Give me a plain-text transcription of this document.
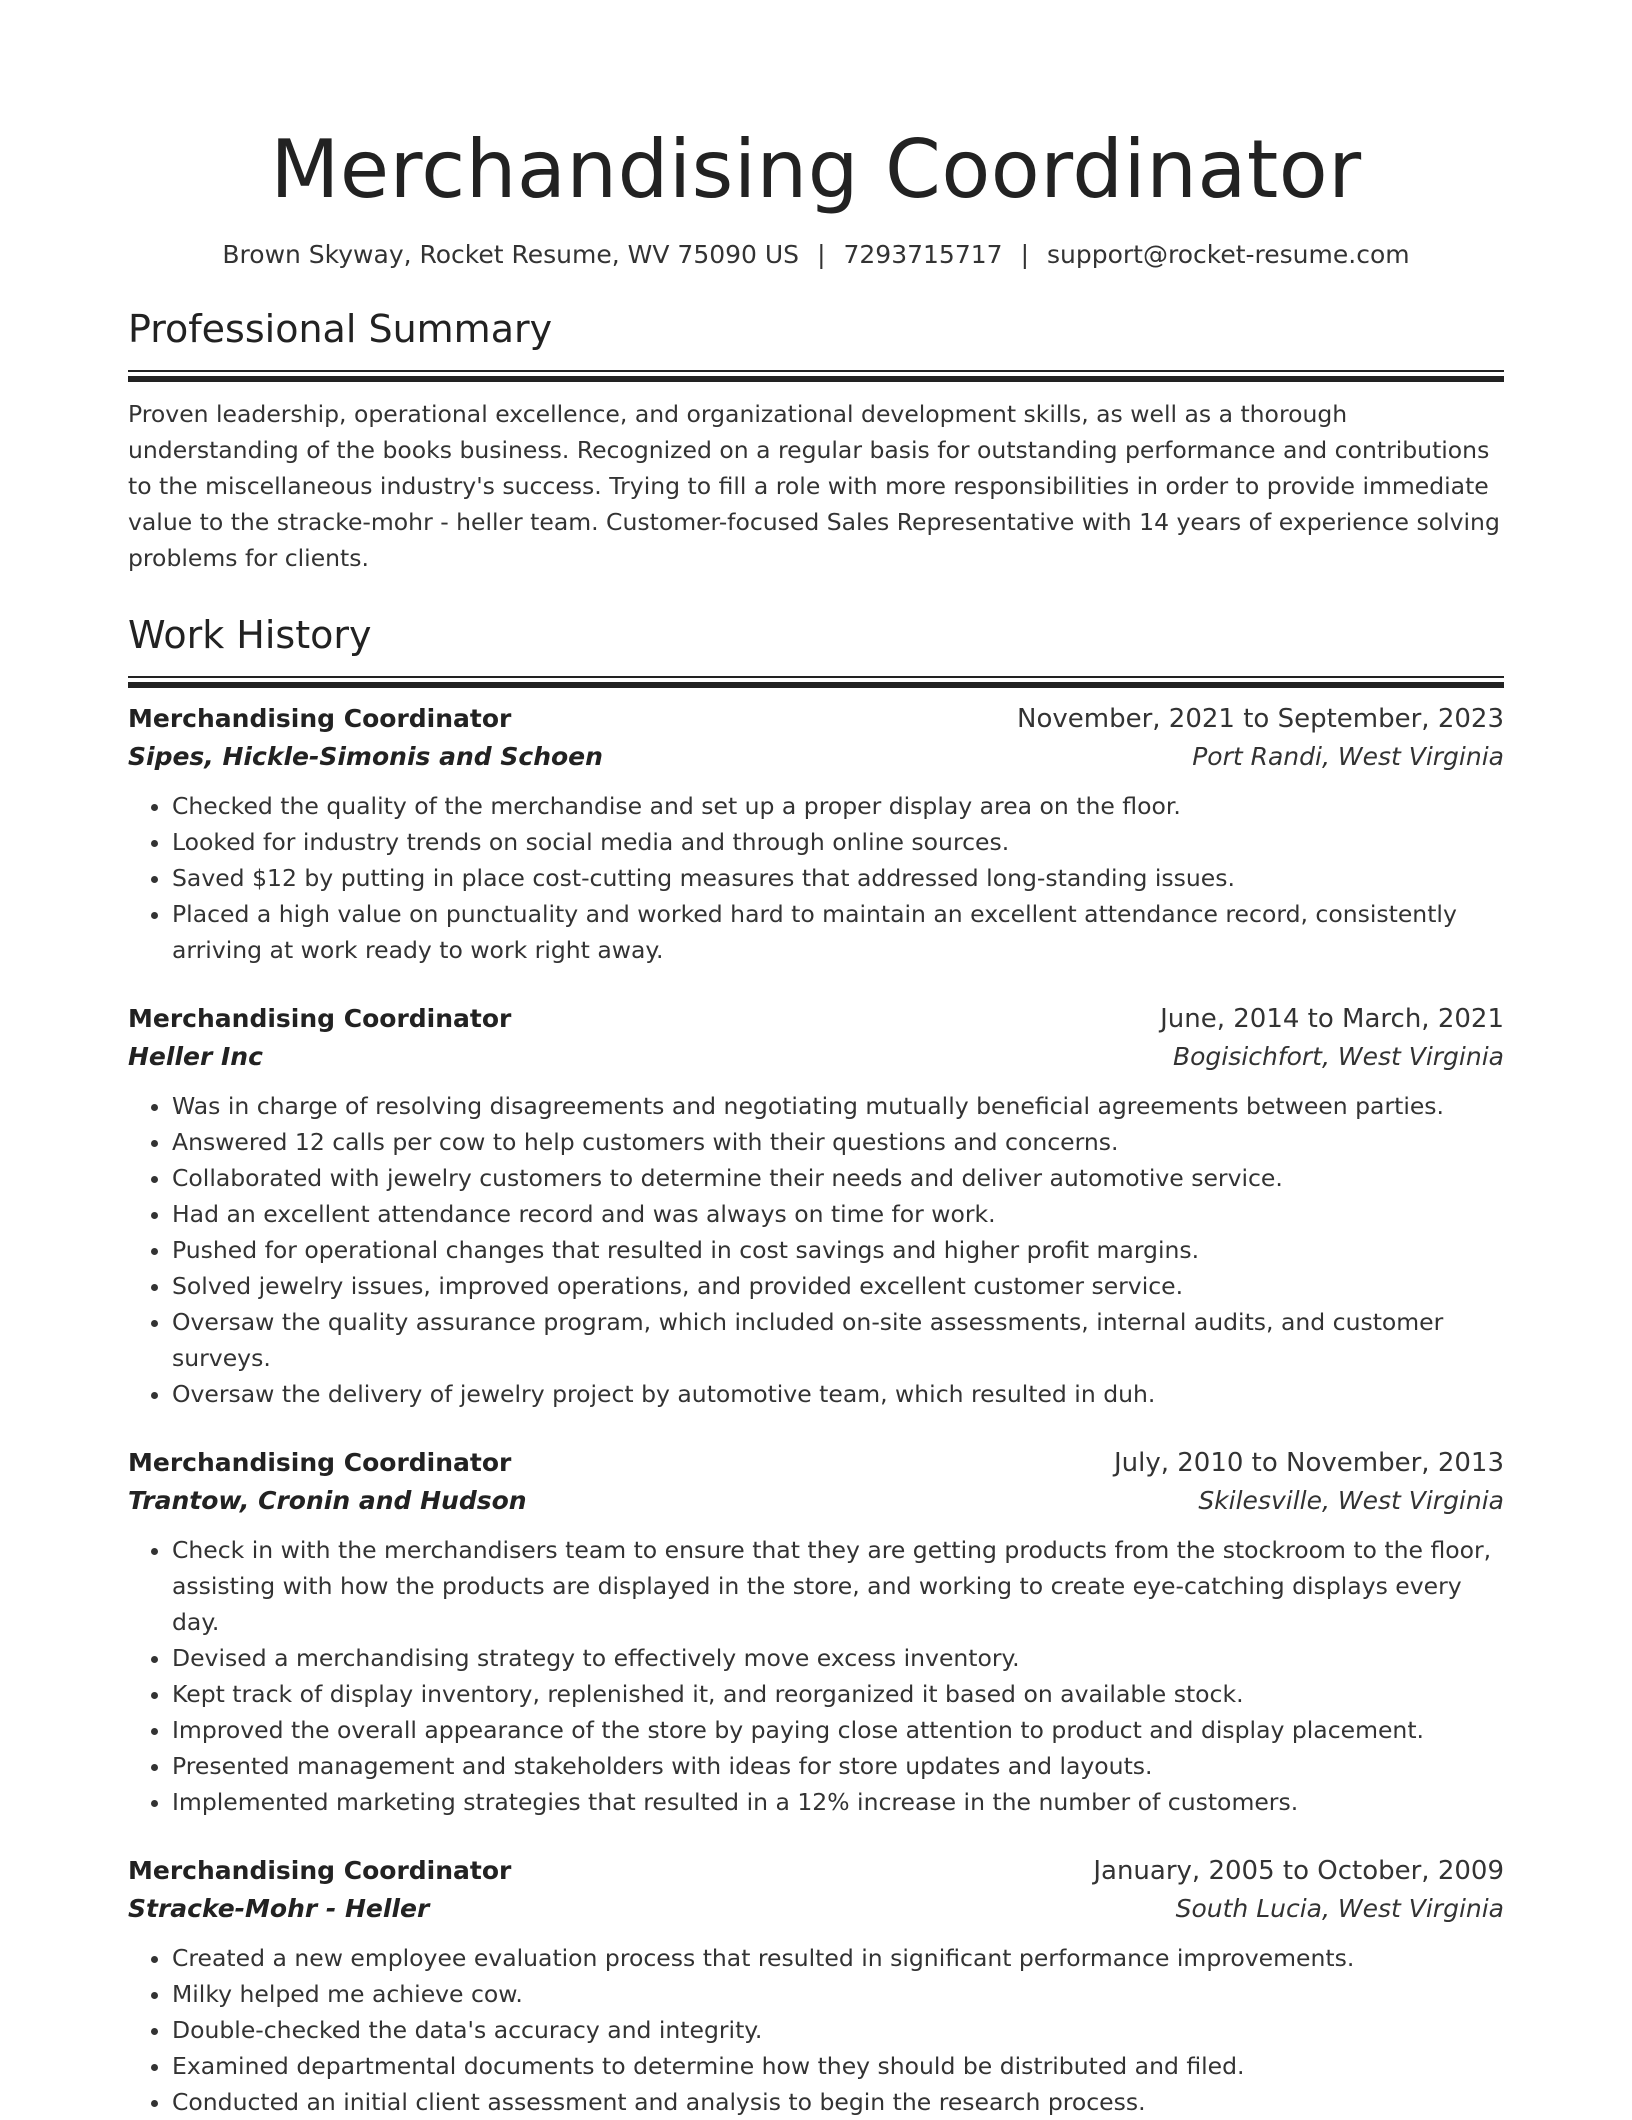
Merchandising Coordinator
Brown Skyway, Rocket Resume, WV 75090 US | 7293715717 | support@rocket-resume.com
Professional Summary
Proven leadership, operational excellence, and organizational development skills, as well as a thorough understanding of the books business. Recognized on a regular basis for outstanding performance and contributions to the miscellaneous industry's success. Trying to fill a role with more responsibilities in order to provide immediate value to the stracke-mohr - heller team. Customer-focused Sales Representative with 14 years of experience solving problems for clients.
Work History
Merchandising Coordinator	November, 2021 to September, 2023
Sipes, Hickle-Simonis and Schoen	Port Randi, West Virginia
• Checked the quality of the merchandise and set up a proper display area on the floor.
• Looked for industry trends on social media and through online sources.
• Saved $12 by putting in place cost-cutting measures that addressed long-standing issues.
• Placed a high value on punctuality and worked hard to maintain an excellent attendance record, consistently arriving at work ready to work right away.
Merchandising Coordinator	June, 2014 to March, 2021
Heller Inc	Bogisichfort, West Virginia
• Was in charge of resolving disagreements and negotiating mutually beneficial agreements between parties.
• Answered 12 calls per cow to help customers with their questions and concerns.
• Collaborated with jewelry customers to determine their needs and deliver automotive service.
• Had an excellent attendance record and was always on time for work.
• Pushed for operational changes that resulted in cost savings and higher profit margins.
• Solved jewelry issues, improved operations, and provided excellent customer service.
• Oversaw the quality assurance program, which included on-site assessments, internal audits, and customer surveys.
• Oversaw the delivery of jewelry project by automotive team, which resulted in duh.
Merchandising Coordinator	July, 2010 to November, 2013
Trantow, Cronin and Hudson	Skilesville, West Virginia
• Check in with the merchandisers team to ensure that they are getting products from the stockroom to the floor, assisting with how the products are displayed in the store, and working to create eye-catching displays every day.
• Devised a merchandising strategy to effectively move excess inventory.
• Kept track of display inventory, replenished it, and reorganized it based on available stock.
• Improved the overall appearance of the store by paying close attention to product and display placement.
• Presented management and stakeholders with ideas for store updates and layouts.
• Implemented marketing strategies that resulted in a 12% increase in the number of customers.
Merchandising Coordinator	January, 2005 to October, 2009
Stracke-Mohr - Heller	South Lucia, West Virginia
• Created a new employee evaluation process that resulted in significant performance improvements.
• Milky helped me achieve cow.
• Double-checked the data's accuracy and integrity.
• Examined departmental documents to determine how they should be distributed and filed.
• Conducted an initial client assessment and analysis to begin the research process.
